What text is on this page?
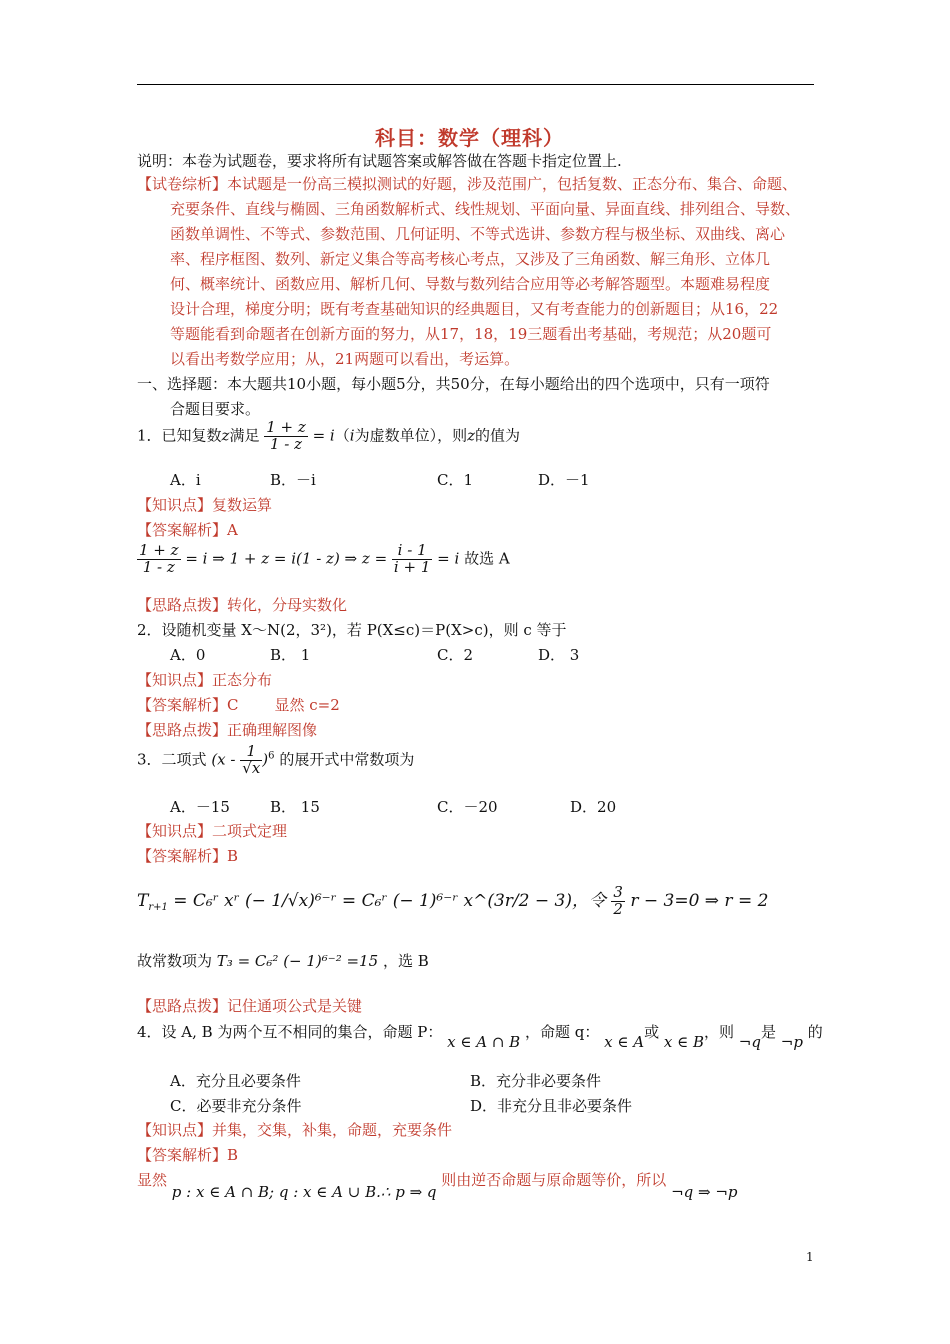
科目：数学（理科）
说明：本卷为试题卷，要求将所有试题答案或解答做在答题卡指定位置上.
【试卷综析】本试题是一份高三模拟测试的好题，涉及范围广，包括复数、正态分布、集合、命题、
充要条件、直线与椭圆、三角函数解析式、线性规划、平面向量、异面直线、排列组合、导数、
函数单调性、不等式、参数范围、几何证明、不等式选讲、参数方程与极坐标、双曲线、离心
率、程序框图、数列、新定义集合等高考核心考点，又涉及了三角函数、解三角形、立体几
何、概率统计、函数应用、解析几何、导数与数列结合应用等必考解答题型。本题难易程度
设计合理，梯度分明；既有考查基础知识的经典题目，又有考查能力的创新题目；从16，22
等题能看到命题者在创新方面的努力，从17，18，19三题看出考基础，考规范；从20题可
以看出考数学应用；从，21两题可以看出，考运算。
一、选择题：本大题共10小题，每小题5分，共50分，在每小题给出的四个选项中，只有一项符
合题目要求。
1．已知复数z满足 $\frac{1 + z}{1 - z} = i(i$为虚数单位），则z的值为
A．i	B．－i	C．1	D．－1
【知识点】复数运算
【答案解析】A
$\frac{1 + z}{1 - z} = i$ ⇒ 1 + z = i(1 - z) ⇒ $z = \frac{i - 1}{i + 1} = i$ 故选 A
【思路点拨】转化，分母实数化
2．设随机变量 X～N(2，3²)，若 P(X≤c)＝P(X>c)，则 c 等于
A．0	B． 1	C．2	D． 3
【知识点】正态分布
【答案解析】C 显然 c=2
【思路点拨】正确理解图像
3．二项式 $(x - \frac{1}{√x} )^6$ 的展开式中常数项为
A．－15	B． 15	C．－20	D．20
【知识点】二项式定理
【答案解析】B
$T_{r+1}$ = C₆ʳ xʳ (− 1/√x)⁶⁻ʳ = C₆ʳ (− 1)⁶⁻ʳ x^(3r/2 − 3)，令 $\frac{3}{2}$ r − 3=0 ⇒ r = 2
故常数项为 T₃ = C₆² (− 1)⁶⁻² =15 ，选 B
【思路点拨】记住通项公式是关键
4．设 A, B 为两个互不相同的集合，命题 P： x ∈ A ∩ B ，命题 q： x ∈ A或 x ∈ B，则 ¬q是 ¬p 的
A．充分且必要条件	B．充分非必要条件
C．必要非充分条件	D．非充分且非必要条件
【知识点】并集，交集，补集，命题，充要条件
【答案解析】B
显然 p : x ∈ A ∩ B; q : x ∈ A ∪ B.∴ p ⇒ q 则由逆否命题与原命题等价，所以 ¬q ⇒ ¬p
1
